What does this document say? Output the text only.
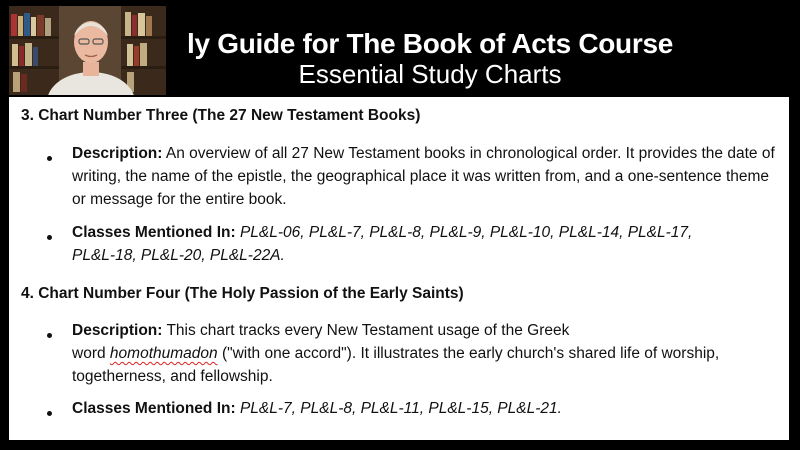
ly Guide for The Book of Acts Course
Essential Study Charts
3. Chart Number Three (The 27 New Testament Books)
Description: An overview of all 27 New Testament books in chronological order. It provides the date of writing, the name of the epistle, the geographical place it was written from, and a one-sentence theme or message for the entire book.
Classes Mentioned In: PL&L-06, PL&L-7, PL&L-8, PL&L-9, PL&L-10, PL&L-14, PL&L-17,
PL&L-18, PL&L-20, PL&L-22A.
4. Chart Number Four (The Holy Passion of the Early Saints)
Description: This chart tracks every New Testament usage of the Greek
word homothumadon ("with one accord"). It illustrates the early church's shared life of worship, togetherness, and fellowship.
Classes Mentioned In: PL&L-7, PL&L-8, PL&L-11, PL&L-15, PL&L-21.
